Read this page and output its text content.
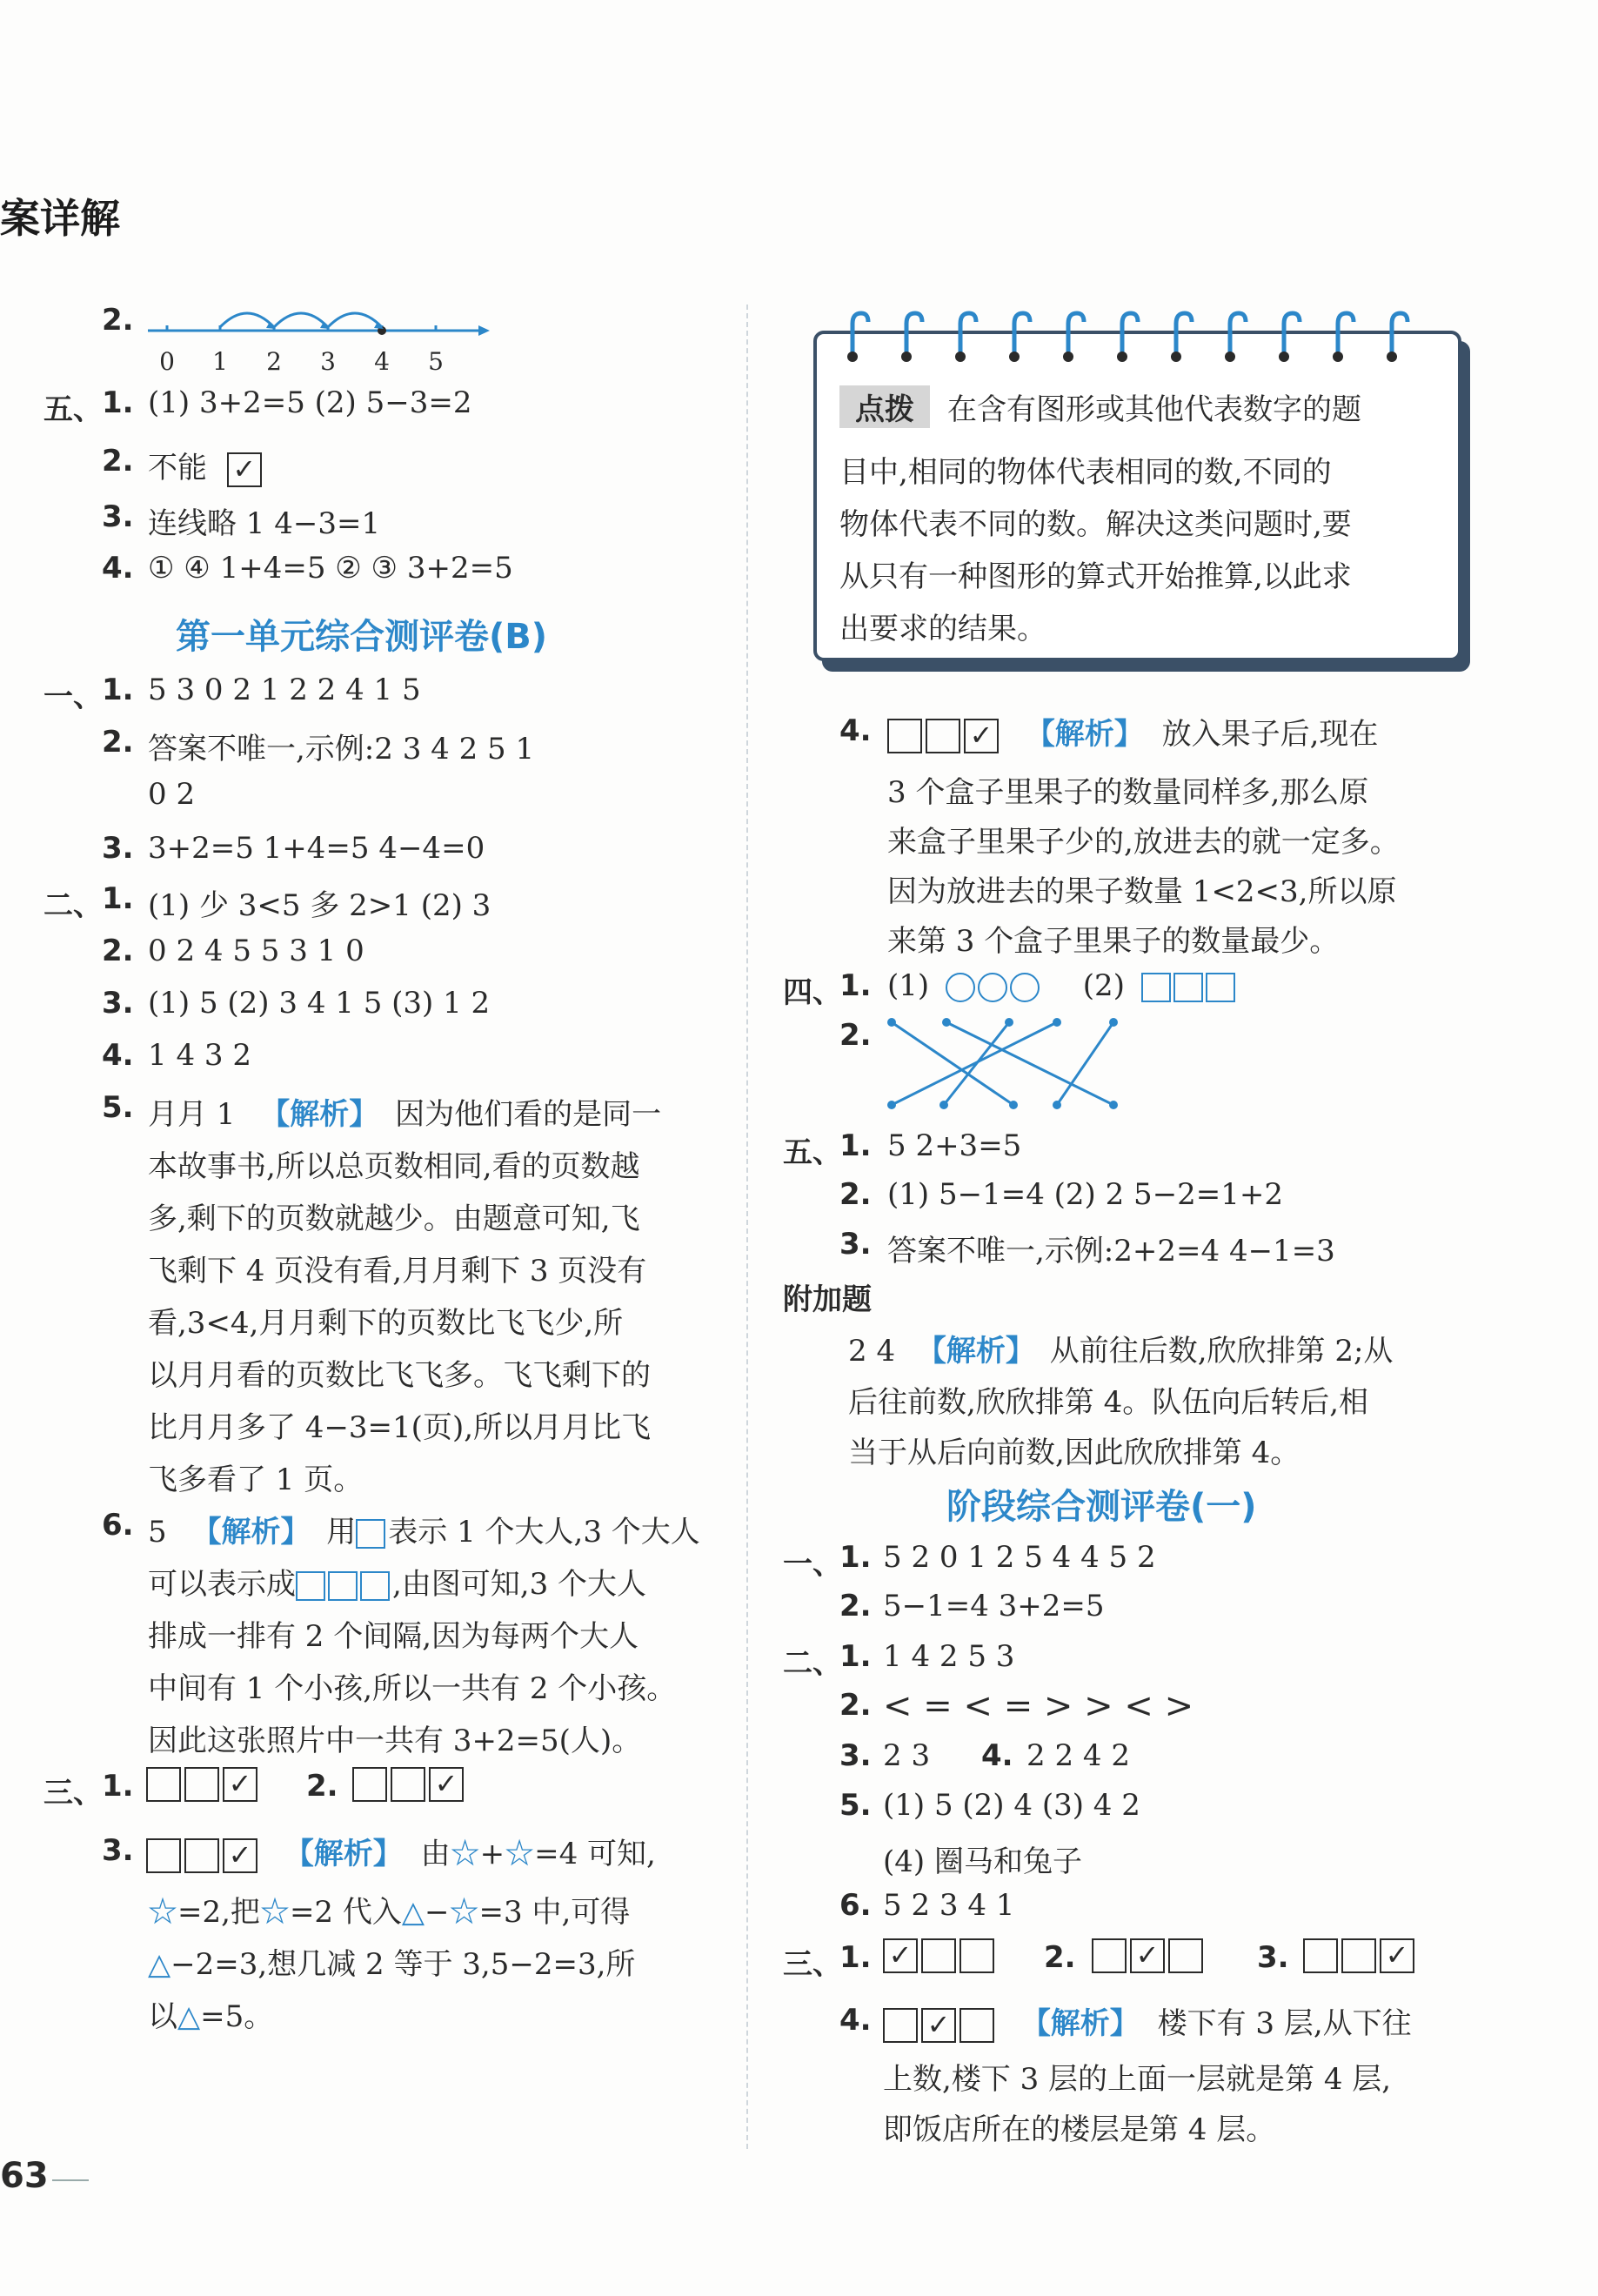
案详解
2.
0 1 2 3 4 5
五、 1. (1) 3+2=5 (2) 5−3=2
2. 不能 ✓
3. 连线略 1 4−3=1
4. ① ④ 1+4=5 ② ③ 3+2=5
第一单元综合测评卷(B)
一、 1. 5 3 0 2 1 2 2 4 1 5
2. 答案不唯一,示例:2 3 4 2 5 1
0 2
3. 3+2=5 1+4=5 4−4=0
二、 1. (1) 少 3<5 多 2>1 (2) 3
2. 0 2 4 5 5 3 1 0
3. (1) 5 (2) 3 4 1 5 (3) 1 2
4. 1 4 3 2
5. 月月 1 【解析】 因为他们看的是同一
本故事书,所以总页数相同,看的页数越
多,剩下的页数就越少。由题意可知,飞
飞剩下 4 页没有看,月月剩下 3 页没有
看,3<4,月月剩下的页数比飞飞少,所
以月月看的页数比飞飞多。飞飞剩下的
比月月多了 4−3=1(页),所以月月比飞
飞多看了 1 页。
6. 5 【解析】 用 表示 1 个大人,3 个大人
可以表示成	,由图可知,3 个大人
排成一排有 2 个间隔,因为每两个大人
中间有 1 个小孩,所以一共有 2 个小孩。
因此这张照片中一共有 3+2=5(人)。
三、 1. ✓	2.
✓
3. ✓	【解析】 由☆+☆=4 可知,
☆=2,把☆=2 代入△−☆=3 中,可得
△−2=3,想几减 2 等于 3,5−2=3,所
以△=5。
点拨 在含有图形或其他代表数字的题
目中,相同的物体代表相同的数,不同的
物体代表不同的数。解决这类问题时,要
从只有一种图形的算式开始推算,以此求
出要求的结果。
4. ✓	【解析】 放入果子后,现在
3 个盒子里果子的数量同样多,那么原
来盒子里果子少的,放进去的就一定多。
因为放进去的果子数量 1<2<3,所以原
来第 3 个盒子里果子的数量最少。
四、
1. (1)	(2)
2.
五、
1. 5 2+3=5
2. (1) 5−1=4 (2) 2 5−2=1+2
3. 答案不唯一,示例:2+2=4 4−1=3
附加题
2 4 【解析】 从前往后数,欣欣排第 2;从
后往前数,欣欣排第 4。队伍向后转后,相
当于从后向前数,因此欣欣排第 4。
阶段综合测评卷(一)
一、
1. 5 2 0 1 2 5 4 4 5 2
2. 5−1=4 3+2=5
二、
1. 1 4 2 5 3
2. < = < = > > < >
3. 2 3 4. 2 2 4 2
5. (1) 5 (2) 4 (3) 4 2
(4) 圈马和兔子
6. 5 2 3 4 1
三、
1. ✓	2. ✓	3.
✓
4. ✓	【解析】 楼下有 3 层,从下往
上数,楼下 3 层的上面一层就是第 4 层,
即饭店所在的楼层是第 4 层。
63
